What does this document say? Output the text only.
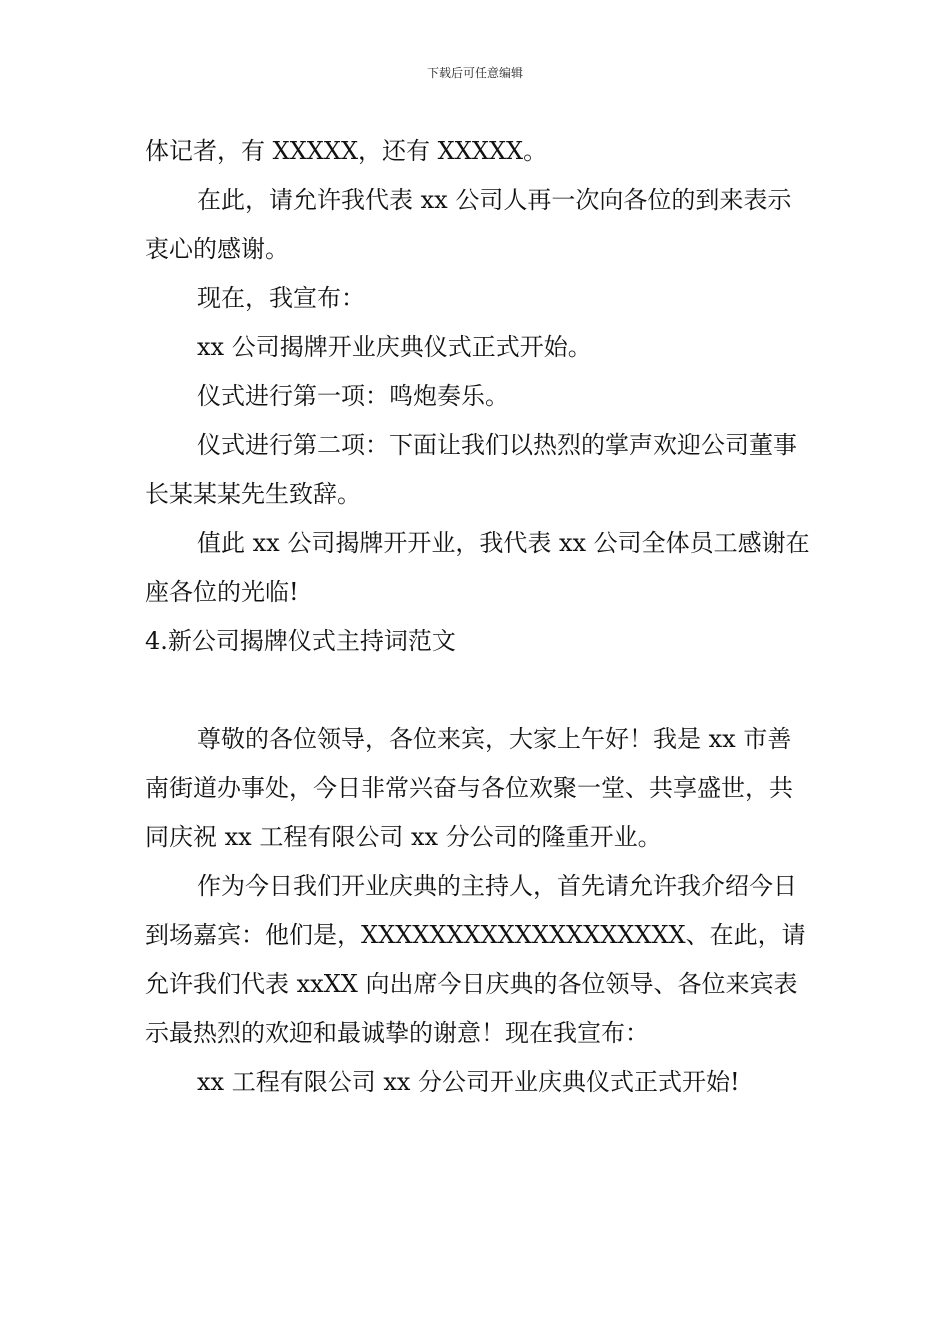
下载后可任意编辑

体记者，有 XXXXX，还有 XXXXX。

在此，请允许我代表 xx 公司人再一次向各位的到来表示衷心的感谢。

现在，我宣布：

xx 公司揭牌开业庆典仪式正式开始。

仪式进行第一项：鸣炮奏乐。

仪式进行第二项：下面让我们以热烈的掌声欢迎公司董事长某某某先生致辞。

值此 xx 公司揭牌开开业，我代表 xx 公司全体员工感谢在座各位的光临!

4.新公司揭牌仪式主持词范文

尊敬的各位领导，各位来宾，大家上午好！我是 xx 市善南街道办事处，今日非常兴奋与各位欢聚一堂、共享盛世，共同庆祝 xx 工程有限公司 xx 分公司的隆重开业。

作为今日我们开业庆典的主持人，首先请允许我介绍今日到场嘉宾：他们是，XXXXXXXXXXXXXXXXXXX、在此，请允许我们代表 xxXX 向出席今日庆典的各位领导、各位来宾表示最热烈的欢迎和最诚挚的谢意！现在我宣布：

xx 工程有限公司 xx 分公司开业庆典仪式正式开始!
